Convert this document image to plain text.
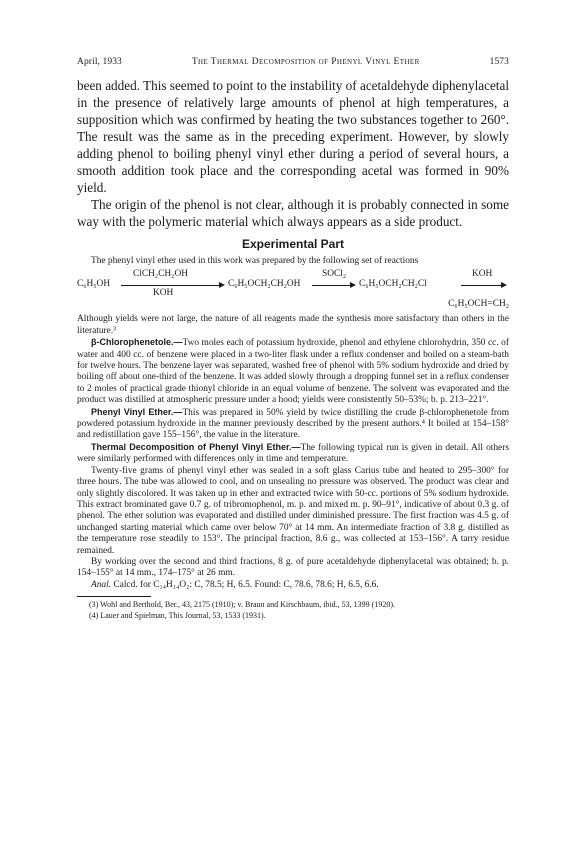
April, 1933	The Thermal Decomposition of Phenyl Vinyl Ether	1573

been added. This seemed to point to the instability of acetaldehyde diphenylacetal in the presence of relatively large amounts of phenol at high temperatures, a supposition which was confirmed by heating the two substances together to 260°. The result was the same as in the preceding experiment. However, by slowly adding phenol to boiling phenyl vinyl ether during a period of several hours, a smooth addition took place and the corresponding acetal was formed in 90% yield.

The origin of the phenol is not clear, although it is probably connected in some way with the polymeric material which always appears as a side product.

Experimental Part

The phenyl vinyl ether used in this work was prepared by the following set of reactions

C₆H₅OH
ClCH₂CH₂OH
KOH
C₆H₅OCH₂CH₂OH
SOCl₂
C₆H₅OCH₂CH₂Cl
KOH
C₆H₅OCH=CH₂

Although yields were not large, the nature of all reagents made the synthesis more satisfactory than others in the literature.³

β-Chlorophenetole.—Two moles each of potassium hydroxide, phenol and ethylene chlorohydrin, 350 cc. of water and 400 cc. of benzene were placed in a two-liter flask under a reflux condenser and boiled on a steam-bath for twelve hours. The benzene layer was separated, washed free of phenol with 5% sodium hydroxide and dried by boiling off about one-third of the benzene. It was added slowly through a dropping funnel set in a reflux condenser to 2 moles of practical grade thionyl chloride in an equal volume of benzene. The solvent was evaporated and the product was distilled at atmospheric pressure under a hood; yields were consistently 50–53%; b. p. 213–221°.

Phenyl Vinyl Ether.—This was prepared in 50% yield by twice distilling the crude β-chlorophenetole from powdered potassium hydroxide in the manner previously described by the present authors.⁴ It boiled at 154–158° and redistillation gave 155–156°, the value in the literature.

Thermal Decomposition of Phenyl Vinyl Ether.—The following typical run is given in detail. All others were similarly performed with differences only in time and temperature.

Twenty-five grams of phenyl vinyl ether was sealed in a soft glass Carius tube and heated to 295–300° for three hours. The tube was allowed to cool, and on unsealing no pressure was observed. The product was clear and only slightly discolored. It was taken up in ether and extracted twice with 50-cc. portions of 5% sodium hydroxide. This extract brominated gave 0.7 g. of tribromophenol, m. p. and mixed m. p. 90–91°, indicative of about 0.3 g. of phenol. The ether solution was evaporated and distilled under diminished pressure. The first fraction was 4.5 g. of unchanged starting material which came over below 70° at 14 mm. An intermediate fraction of 3.8 g. distilled as the temperature rose steadily to 153°. The principal fraction, 8.6 g., was collected at 153–156°. A tarry residue remained.

By working over the second and third fractions, 8 g. of pure acetaldehyde diphenylacetal was obtained; b. p. 154–155° at 14 mm., 174–175° at 26 mm.

Anal. Calcd. for C₁₄H₁₄O₂: C, 78.5; H, 6.5. Found: C, 78.6, 78.6; H, 6.5, 6.6.

(3) Wohl and Berthold, Ber., 43, 2175 (1910); v. Braun and Kirschbaum, ibid., 53, 1399 (1920).

(4) Lauer and Spielman, This Journal, 53, 1533 (1931).
